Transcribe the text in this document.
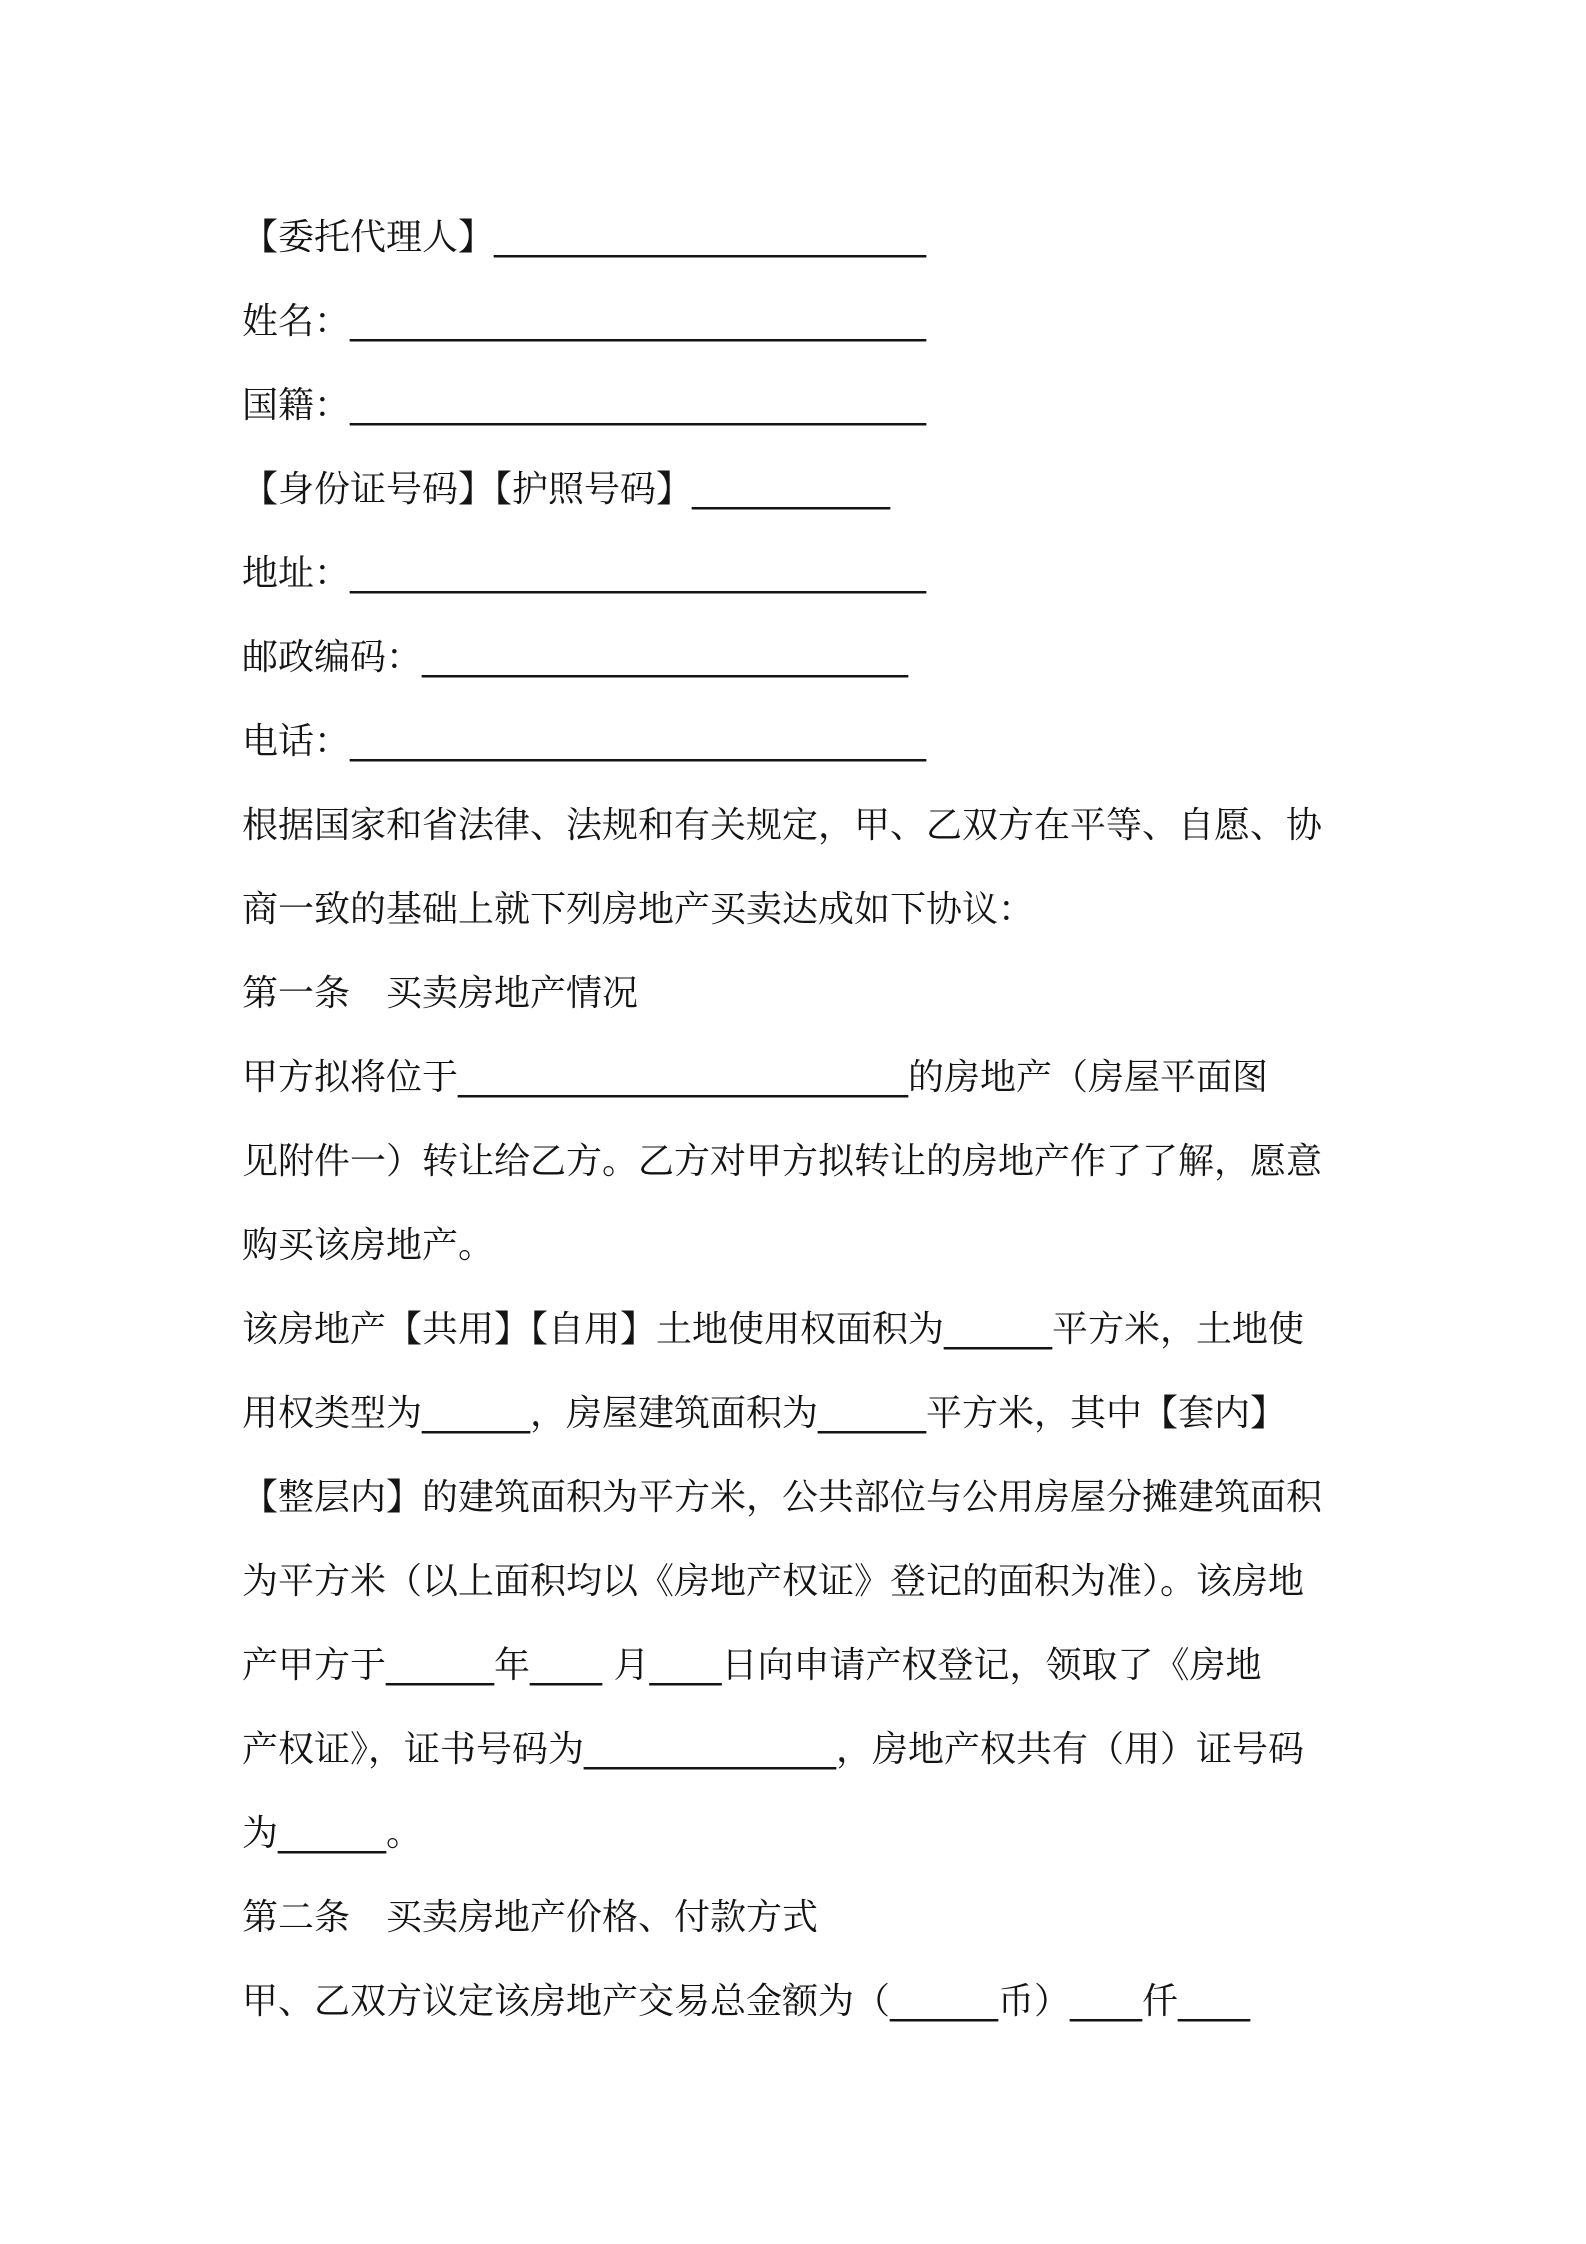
【委托代理人】________________________
姓名：________________________________
国籍：________________________________
【身份证号码】【护照号码】___________
地址：________________________________
邮政编码：___________________________
电话：________________________________
根据国家和省法律、法规和有关规定，甲、乙双方在平等、自愿、协
商一致的基础上就下列房地产买卖达成如下协议：
第一条　买卖房地产情况
甲方拟将位于_________________________的房地产（房屋平面图
见附件一）转让给乙方。乙方对甲方拟转让的房地产作了了解，愿意
购买该房地产。
该房地产【共用】【自用】土地使用权面积为______平方米，土地使
用权类型为______，房屋建筑面积为______平方米，其中【套内】
【整层内】的建筑面积为平方米，公共部位与公用房屋分摊建筑面积
为平方米（以上面积均以《房地产权证》登记的面积为准）。该房地
产甲方于______年____ 月____日向申请产权登记，领取了《房地
产权证》，证书号码为______________，房地产权共有（用）证号码
为______。
第二条　买卖房地产价格、付款方式
甲、乙双方议定该房地产交易总金额为（______币）____仟____
